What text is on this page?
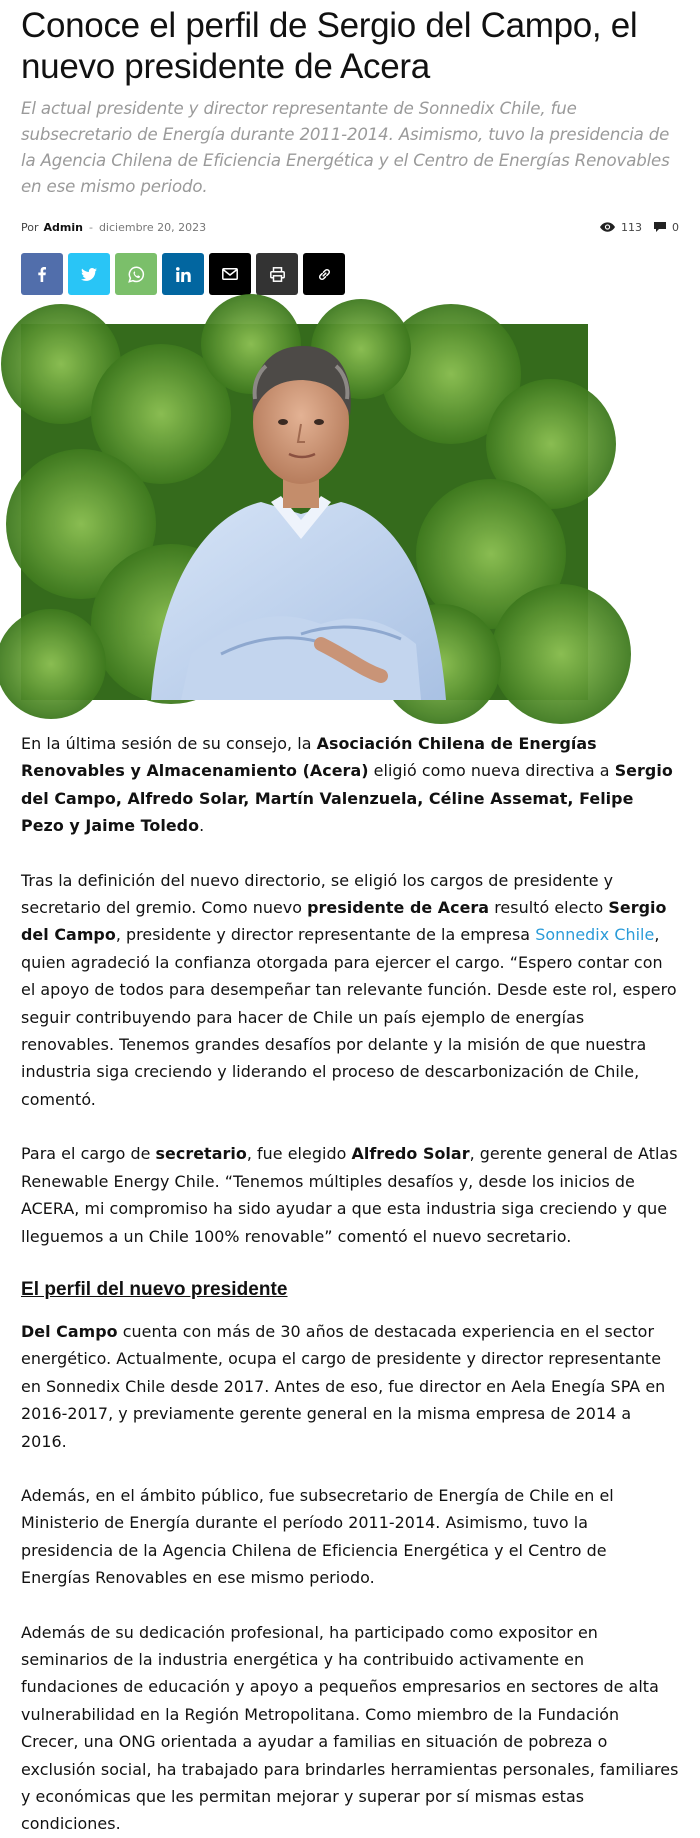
Conoce el perfil de Sergio del Campo, el nuevo presidente de Acera
El actual presidente y director representante de Sonnedix Chile, fue subsecretario de Energía durante 2011-2014. Asimismo, tuvo la presidencia de la Agencia Chilena de Eficiencia Energética y el Centro de Energías Renovables en ese mismo periodo.
Por Admin - diciembre 20, 2023	113	0

En la última sesión de su consejo, la Asociación Chilena de Energías Renovables y Almacenamiento (Acera) eligió como nueva directiva a Sergio del Campo, Alfredo Solar, Martín Valenzuela, Céline Assemat, Felipe Pezo y Jaime Toledo.

Tras la definición del nuevo directorio, se eligió los cargos de presidente y secretario del gremio. Como nuevo presidente de Acera resultó electo Sergio del Campo, presidente y director representante de la empresa Sonnedix Chile, quien agradeció la confianza otorgada para ejercer el cargo. “Espero contar con el apoyo de todos para desempeñar tan relevante función. Desde este rol, espero seguir contribuyendo para hacer de Chile un país ejemplo de energías renovables. Tenemos grandes desafíos por delante y la misión de que nuestra industria siga creciendo y liderando el proceso de descarbonización de Chile, comentó.

Para el cargo de secretario, fue elegido Alfredo Solar, gerente general de Atlas Renewable Energy Chile. “Tenemos múltiples desafíos y, desde los inicios de ACERA, mi compromiso ha sido ayudar a que esta industria siga creciendo y que lleguemos a un Chile 100% renovable” comentó el nuevo secretario.

El perfil del nuevo presidente

Del Campo cuenta con más de 30 años de destacada experiencia en el sector energético. Actualmente, ocupa el cargo de presidente y director representante en Sonnedix Chile desde 2017. Antes de eso, fue director en Aela Enegía SPA en 2016-2017, y previamente gerente general en la misma empresa de 2014 a 2016.

Además, en el ámbito público, fue subsecretario de Energía de Chile en el Ministerio de Energía durante el período 2011-2014. Asimismo, tuvo la presidencia de la Agencia Chilena de Eficiencia Energética y el Centro de Energías Renovables en ese mismo periodo.

Además de su dedicación profesional, ha participado como expositor en seminarios de la industria energética y ha contribuido activamente en fundaciones de educación y apoyo a pequeños empresarios en sectores de alta vulnerabilidad en la Región Metropolitana. Como miembro de la Fundación Crecer, una ONG orientada a ayudar a familias en situación de pobreza o exclusión social, ha trabajado para brindarles herramientas personales, familiares y económicas que les permitan mejorar y superar por sí mismas estas condiciones.
